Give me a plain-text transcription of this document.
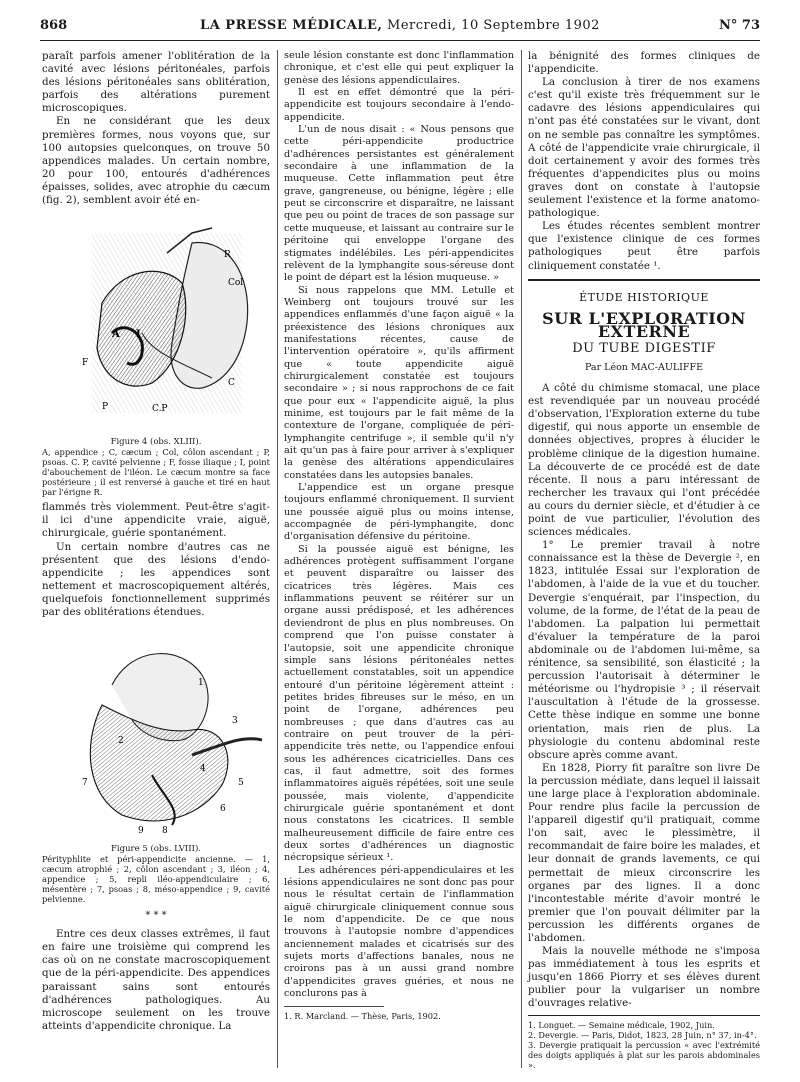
868	LA PRESSE MÉDICALE, Mercredi, 10 Septembre 1902	N° 73

paraît parfois amener l'oblitération de la cavité avec lésions péritonéales, parfois des lésions péritonéales sans oblitération, parfois des altérations purement microscopiques.

En ne considérant que les deux premières formes, nous voyons que, sur 100 autopsies quelconques, on trouve 50 appendices malades. Un certain nombre, 20 pour 100, entourés d'adhérences épaisses, solides, avec atrophie du cæcum (fig. 2), semblent avoir été en-

R
Col
A I
F
C
P	C.P
Figure 4 (obs. XLIII).
A, appendice ; C, cæcum ; Col, côlon ascendant ; P, psoas. C. P, cavité pelvienne ; F, fosse iliaque ; I, point d'abouchement de l'iléon. Le cæcum montre sa face postérieure ; il est renversé à gauche et tiré en haut par l'érigne R.

flammés très violemment. Peut-être s'agit-il ici d'une appendicite vraie, aiguë, chirurgicale, guérie spontanément.

Un certain nombre d'autres cas ne présentent que des lésions d'endo-appendicite ; les appendices sont nettement et macroscopiquement altérés, quelquefois fonctionnellement supprimés par des oblitérations étendues.

1
2
3
4
5
6
7
8
9
Figure 5 (obs. LVIII).
Pérityphlite et péri-appendicite ancienne. — 1, cæcum atrophié ; 2, côlon ascendant ; 3, iléon ; 4, appendice ; 5, repli iléo-appendiculaire ; 6, mésentère ; 7, psoas ; 8, méso-appendice ; 9, cavité pelvienne.
* * *

Entre ces deux classes extrêmes, il faut en faire une troisième qui comprend les cas où on ne constate macroscopiquement que de la péri-appendicite. Des appendices paraissant sains sont entourés d'adhérences pathologiques. Au microscope seulement on les trouve atteints d'appendicite chronique. La

seule lésion constante est donc l'inflammation chronique, et c'est elle qui peut expliquer la genèse des lésions appendiculaires.

Il est en effet démontré que la péri-appendicite est toujours secondaire à l'endo-appendicite.

L'un de nous disait : « Nous pensons que cette péri-appendicite productrice d'adhérences persistantes est généralement secondaire à une inflammation de la muqueuse. Cette inflammation peut être grave, gangreneuse, ou bénigne, légère ; elle peut se circonscrire et disparaître, ne laissant que peu ou point de traces de son passage sur cette muqueuse, et laissant au contraire sur le péritoine qui enveloppe l'organe des stigmates indélébiles. Les péri-appendicites relèvent de la lymphangite sous-séreuse dont le point de départ est la lésion muqueuse. »

Si nous rappelons que MM. Letulle et Weinberg ont toujours trouvé sur les appendices enflammés d'une façon aiguë « la préexistence des lésions chroniques aux manifestations récentes, cause de l'intervention opératoire », qu'ils affirment que « toute appendicite aiguë chirurgicalement constatée est toujours secondaire » ; si nous rapprochons de ce fait que pour eux « l'appendicite aiguë, la plus minime, est toujours par le fait même de la contexture de l'organe, compliquée de péri-lymphangite centrifuge », il semble qu'il n'y ait qu'un pas à faire pour arriver à s'expliquer la genèse des altérations appendiculaires constatées dans les autopsies banales.

L'appendice est un organe presque toujours enflammé chroniquement. Il survient une poussée aiguë plus ou moins intense, accompagnée de péri-lymphangite, donc d'organisation défensive du péritoine.

Si la poussée aiguë est bénigne, les adhérences protègent suffisamment l'organe et peuvent disparaître ou laisser des cicatrices très légères. Mais ces inflammations peuvent se réitérer sur un organe aussi prédisposé, et les adhérences deviendront de plus en plus nombreuses. On comprend que l'on puisse constater à l'autopsie, soit une appendicite chronique simple sans lésions péritonéales nettes actuellement constatables, soit un appendice entouré d'un péritoine légèrement atteint : petites brides fibreuses sur le méso, en un point de l'organe, adhérences peu nombreuses ; que dans d'autres cas au contraire on peut trouver de la péri-appendicite très nette, ou l'appendice enfoui sous les adhérences cicatricielles. Dans ces cas, il faut admettre, soit des formes inflammatoires aiguës répétées, soit une seule poussée, mais violente, d'appendicite chirurgicale guérie spontanément et dont nous constatons les cicatrices. Il semble malheureusement difficile de faire entre ces deux sortes d'adhérences un diagnostic nécropsique sérieux ¹.

Les adhérences péri-appendiculaires et les lésions appendiculaires ne sont donc pas pour nous le résultat certain de l'inflammation aiguë chirurgicale cliniquement connue sous le nom d'appendicite. De ce que nous trouvons à l'autopsie nombre d'appendices anciennement malades et cicatrisés sur des sujets morts d'affections banales, nous ne croirons pas à un aussi grand nombre d'appendicites graves guéries, et nous ne conclurons pas à

1. R. Marcland. — Thèse, Paris, 1902.

la bénignité des formes cliniques de l'appendicite.

La conclusion à tirer de nos examens c'est qu'il existe très fréquemment sur le cadavre des lésions appendiculaires qui n'ont pas été constatées sur le vivant, dont on ne semble pas connaître les symptômes. A côté de l'appendicite vraie chirurgicale, il doit certainement y avoir des formes très fréquentes d'appendicites plus ou moins graves dont on constate à l'autopsie seulement l'existence et la forme anatomo-pathologique.

Les études récentes semblent montrer que l'existence clinique de ces formes pathologiques peut être parfois cliniquement constatée ¹.

ÉTUDE HISTORIQUE
SUR L'EXPLORATION EXTERNE
DU TUBE DIGESTIF
Par Léon MAC-AULIFFE

A côté du chimisme stomacal, une place est revendiquée par un nouveau procédé d'observation, l'Exploration externe du tube digestif, qui nous apporte un ensemble de données objectives, propres à élucider le problème clinique de la digestion humaine. La découverte de ce procédé est de date récente. Il nous a paru intéressant de rechercher les travaux qui l'ont précédée au cours du dernier siècle, et d'étudier à ce point de vue particulier, l'évolution des sciences médicales.

1° Le premier travail à notre connaissance est la thèse de Devergie ², en 1823, intitulée Essai sur l'exploration de l'abdomen, à l'aide de la vue et du toucher. Devergie s'enquérait, par l'inspection, du volume, de la forme, de l'état de la peau de l'abdomen. La palpation lui permettait d'évaluer la température de la paroi abdominale ou de l'abdomen lui-même, sa rénitence, sa sensibilité, son élasticité ; la percussion l'autorisait à déterminer le météorisme ou l'hydropisie ³ ; il réservait l'auscultation à l'étude de la grossesse. Cette thèse indique en somme une bonne orientation, mais rien de plus. La physiologie du contenu abdominal reste obscure après comme avant.

En 1828, Piorry fit paraître son livre De la percussion médiate, dans lequel il laissait une large place à l'exploration abdominale. Pour rendre plus facile la percussion de l'appareil digestif qu'il pratiquait, comme l'on sait, avec le plessimètre, il recommandait de faire boire les malades, et leur donnait de grands lavements, ce qui permettait de mieux circonscrire les organes par des lignes. Il a donc l'incontestable mérite d'avoir montré le premier que l'on pouvait délimiter par la percussion les différents organes de l'abdomen.

Mais la nouvelle méthode ne s'imposa pas immédiatement à tous les esprits et jusqu'en 1866 Piorry et ses élèves durent publier pour la vulgariser un nombre d'ouvrages relative-

1. Longuet. — Semaine médicale, 1902, Juin.
2. Devergie. — Paris, Didot, 1823, 28 Juin, n° 37, in-4°.
3. Devergie pratiquait la percussion « avec l'extrémité des doigts appliqués à plat sur les parois abdominales ».
